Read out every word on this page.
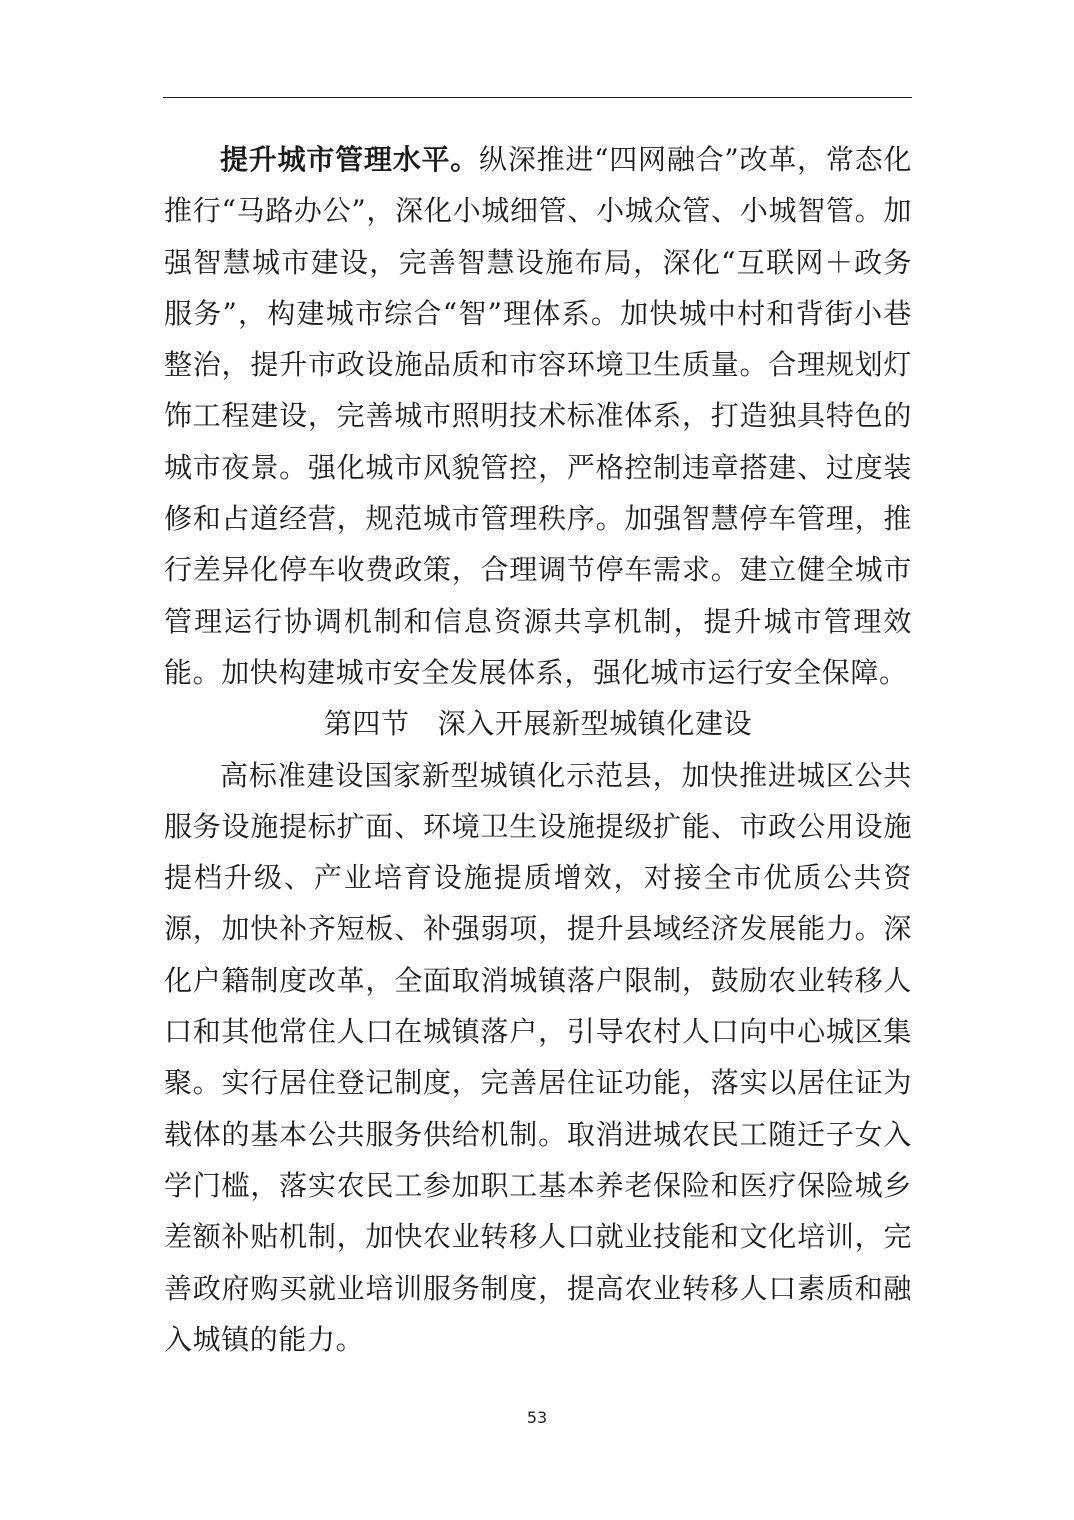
提升城市管理水平。纵深推进“四网融合”改革，常态化推行“马路办公”，深化小城细管、小城众管、小城智管。加强智慧城市建设，完善智慧设施布局，深化“互联网＋政务服务”，构建城市综合“智”理体系。加快城中村和背街小巷整治，提升市政设施品质和市容环境卫生质量。合理规划灯饰工程建设，完善城市照明技术标准体系，打造独具特色的城市夜景。强化城市风貌管控，严格控制违章搭建、过度装修和占道经营，规范城市管理秩序。加强智慧停车管理，推行差异化停车收费政策，合理调节停车需求。建立健全城市管理运行协调机制和信息资源共享机制，提升城市管理效能。加快构建城市安全发展体系，强化城市运行安全保障。

第四节 深入开展新型城镇化建设

高标准建设国家新型城镇化示范县，加快推进城区公共服务设施提标扩面、环境卫生设施提级扩能、市政公用设施提档升级、产业培育设施提质增效，对接全市优质公共资源，加快补齐短板、补强弱项，提升县域经济发展能力。深化户籍制度改革，全面取消城镇落户限制，鼓励农业转移人口和其他常住人口在城镇落户，引导农村人口向中心城区集聚。实行居住登记制度，完善居住证功能，落实以居住证为载体的基本公共服务供给机制。取消进城农民工随迁子女入学门槛，落实农民工参加职工基本养老保险和医疗保险城乡差额补贴机制，加快农业转移人口就业技能和文化培训，完善政府购买就业培训服务制度，提高农业转移人口素质和融入城镇的能力。

53
